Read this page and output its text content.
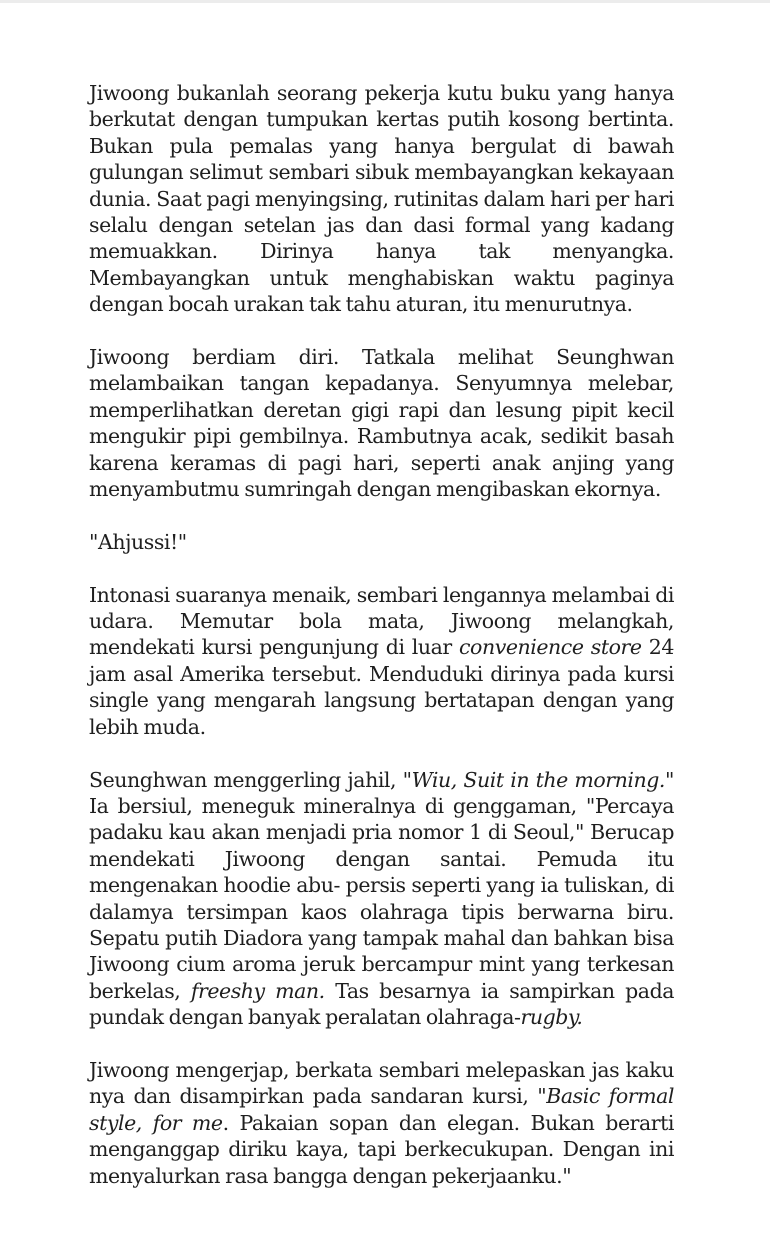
Jiwoong bukanlah seorang pekerja kutu buku yang hanya berkutat dengan tumpukan kertas putih kosong bertinta. Bukan pula pemalas yang hanya bergulat di bawah gulungan selimut sembari sibuk membayangkan kekayaan dunia. Saat pagi menyingsing, rutinitas dalam hari per hari selalu dengan setelan jas dan dasi formal yang kadang memuakkan. Dirinya hanya tak menyangka. Membayangkan untuk menghabiskan waktu paginya dengan bocah urakan tak tahu aturan, itu menurutnya.

Jiwoong berdiam diri. Tatkala melihat Seunghwan melambaikan tangan kepadanya. Senyumnya melebar, memperlihatkan deretan gigi rapi dan lesung pipit kecil mengukir pipi gembilnya. Rambutnya acak, sedikit basah karena keramas di pagi hari, seperti anak anjing yang menyambutmu sumringah dengan mengibaskan ekornya.

"Ahjussi!"

Intonasi suaranya menaik, sembari lengannya melambai di udara. Memutar bola mata, Jiwoong melangkah, mendekati kursi pengunjung di luar convenience store 24 jam asal Amerika tersebut. Menduduki dirinya pada kursi single yang mengarah langsung bertatapan dengan yang lebih muda.

Seunghwan menggerling jahil, "Wiu, Suit in the morning." Ia bersiul, meneguk mineralnya di genggaman, "Percaya padaku kau akan menjadi pria nomor 1 di Seoul," Berucap mendekati Jiwoong dengan santai. Pemuda itu mengenakan hoodie abu- persis seperti yang ia tuliskan, di dalamya tersimpan kaos olahraga tipis berwarna biru. Sepatu putih Diadora yang tampak mahal dan bahkan bisa Jiwoong cium aroma jeruk bercampur mint yang terkesan berkelas, freeshy man. Tas besarnya ia sampirkan pada pundak dengan banyak peralatan olahraga-rugby.

Jiwoong mengerjap, berkata sembari melepaskan jas kaku nya dan disampirkan pada sandaran kursi, "Basic formal style, for me. Pakaian sopan dan elegan. Bukan berarti menganggap diriku kaya, tapi berkecukupan. Dengan ini menyalurkan rasa bangga dengan pekerjaanku."
